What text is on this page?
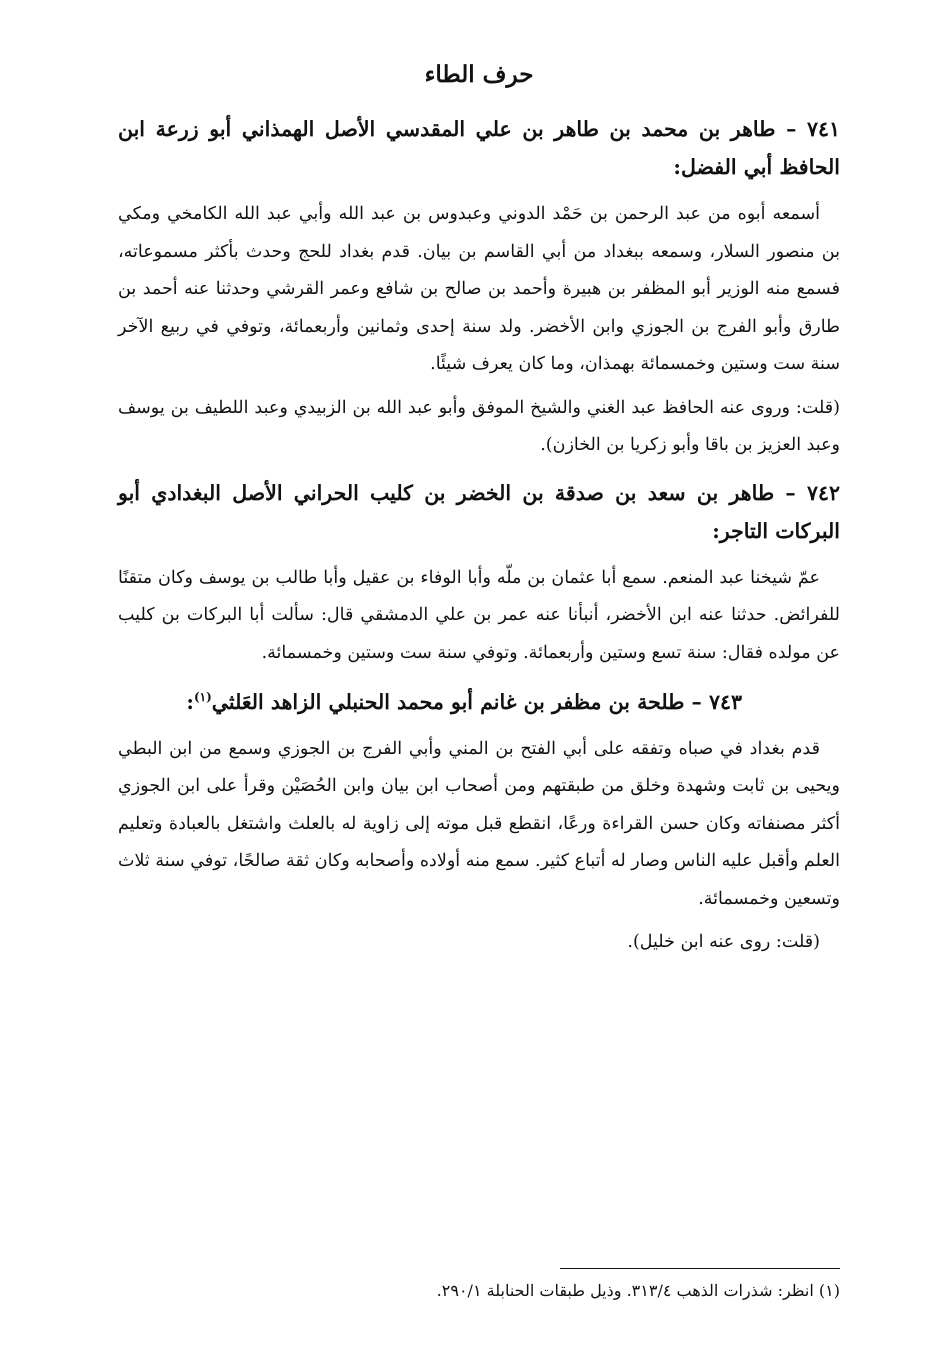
حرف الطاء
٧٤١ – طاهر بن محمد بن طاهر بن علي المقدسي الأصل الهمذاني أبو زرعة ابن الحافظ أبي الفضل:
أسمعه أبوه من عبد الرحمن بن حَمْد الدوني وعبدوس بن عبد الله وأبي عبد الله الكامخي ومكي بن منصور السلار، وسمعه ببغداد من أبي القاسم بن بيان. قدم بغداد للحج وحدث بأكثر مسموعاته، فسمع منه الوزير أبو المظفر بن هبيرة وأحمد بن صالح بن شافع وعمر القرشي وحدثنا عنه أحمد بن طارق وأبو الفرج بن الجوزي وابن الأخضر. ولد سنة إحدى وثمانين وأربعمائة، وتوفي في ربيع الآخر سنة ست وستين وخمسمائة بهمذان، وما كان يعرف شيئًا.
(قلت: وروى عنه الحافظ عبد الغني والشيخ الموفق وأبو عبد الله بن الزبيدي وعبد اللطيف بن يوسف وعبد العزيز بن باقا وأبو زكريا بن الخازن).
٧٤٢ – طاهر بن سعد بن صدقة بن الخضر بن كليب الحراني الأصل البغدادي أبو البركات التاجر:
عمّ شيخنا عبد المنعم. سمع أبا عثمان بن ملّه وأبا الوفاء بن عقيل وأبا طالب بن يوسف وكان متقنًا للفرائض. حدثنا عنه ابن الأخضر، أنبأنا عنه عمر بن علي الدمشقي قال: سألت أبا البركات بن كليب عن مولده فقال: سنة تسع وستين وأربعمائة. وتوفي سنة ست وستين وخمسمائة.
٧٤٣ – طلحة بن مظفر بن غانم أبو محمد الحنبلي الزاهد العَلثي$^{(١)}$:
قدم بغداد في صباه وتفقه على أبي الفتح بن المني وأبي الفرج بن الجوزي وسمع من ابن البطي ويحيى بن ثابت وشهدة وخلق من طبقتهم ومن أصحاب ابن بيان وابن الحُصَيْن وقرأ على ابن الجوزي أكثر مصنفاته وكان حسن القراءة ورعًا، انقطع قبل موته إلى زاوية له بالعلث واشتغل بالعبادة وتعليم العلم وأقبل عليه الناس وصار له أتباع كثير. سمع منه أولاده وأصحابه وكان ثقة صالحًا، توفي سنة ثلاث وتسعين وخمسمائة.
(قلت: روى عنه ابن خليل).
(١) انظر: شذرات الذهب ٣١٣/٤. وذيل طبقات الحنابلة ٢٩٠/١.
